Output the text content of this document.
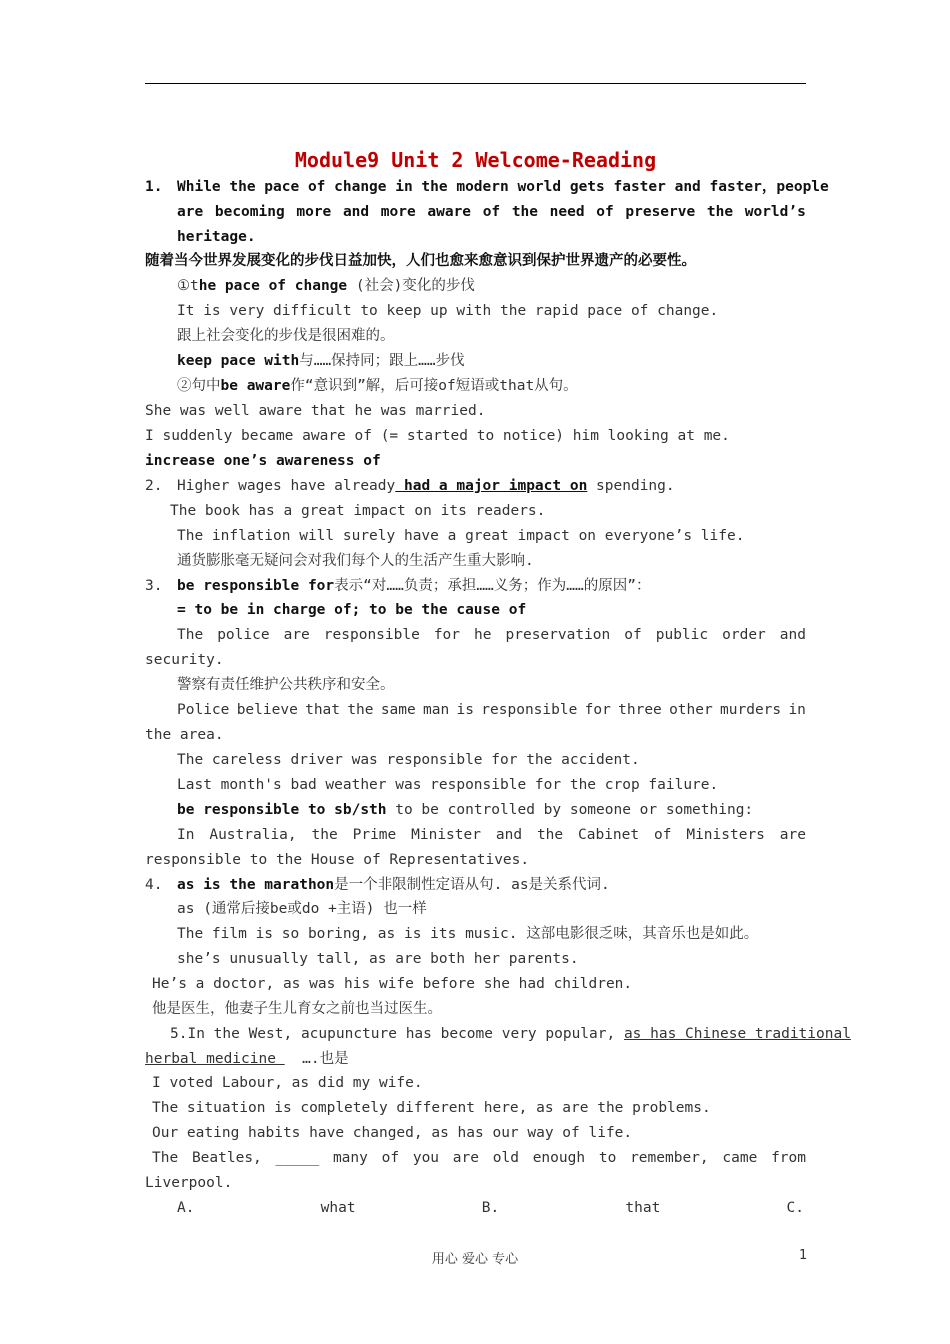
Module9 Unit 2 Welcome-Reading
1. While the pace of change in the modern world gets faster and faster，people
are becoming more and more aware of the need of preserve the world’s
heritage.
随着当今世界发展变化的步伐日益加快，人们也愈来愈意识到保护世界遗产的必要性。
①the pace of change (社会)变化的步伐
It is very difficult to keep up with the rapid pace of change.
跟上社会变化的步伐是很困难的。
keep pace with与……保持同；跟上……步伐
②句中be aware作“意识到”解，后可接of短语或that从句。
She was well aware that he was married.
I suddenly became aware of (= started to notice) him looking at me.
increase one’s awareness of
2. Higher wages have already had a major impact on spending.
The book has a great impact on its readers.
The inflation will surely have a great impact on everyone’s life.
通货膨胀毫无疑问会对我们每个人的生活产生重大影响.
3. be responsible for表示“对……负责；承担……义务；作为……的原因”：
= to be in charge of; to be the cause of
The police are responsible for he preservation of public order and
security.
警察有责任维护公共秩序和安全。
Police believe that the same man is responsible for three other murders in
the area.
The careless driver was responsible for the accident.
Last month's bad weather was responsible for the crop failure.
be responsible to sb/sth to be controlled by someone or something:
In Australia, the Prime Minister and the Cabinet of Ministers are
responsible to the House of Representatives.
4. as is the marathon是一个非限制性定语从句. as是关系代词.
as (通常后接be或do +主语) 也一样
The film is so boring, as is its music. 这部电影很乏味，其音乐也是如此。
she’s unusually tall, as are both her parents.
He’s a doctor, as was his wife before she had children.
他是医生，他妻子生儿育女之前也当过医生。
5.In the West, acupuncture has become very popular, as has Chinese traditional
herbal medicine   ….也是
I voted Labour, as did my wife.
The situation is completely different here, as are the problems.
Our eating habits have changed, as has our way of life.
The Beatles, _____ many of you are old enough to remember, came from
Liverpool.
A.	what	B.	that	C.
用心 爱心 专心	1
